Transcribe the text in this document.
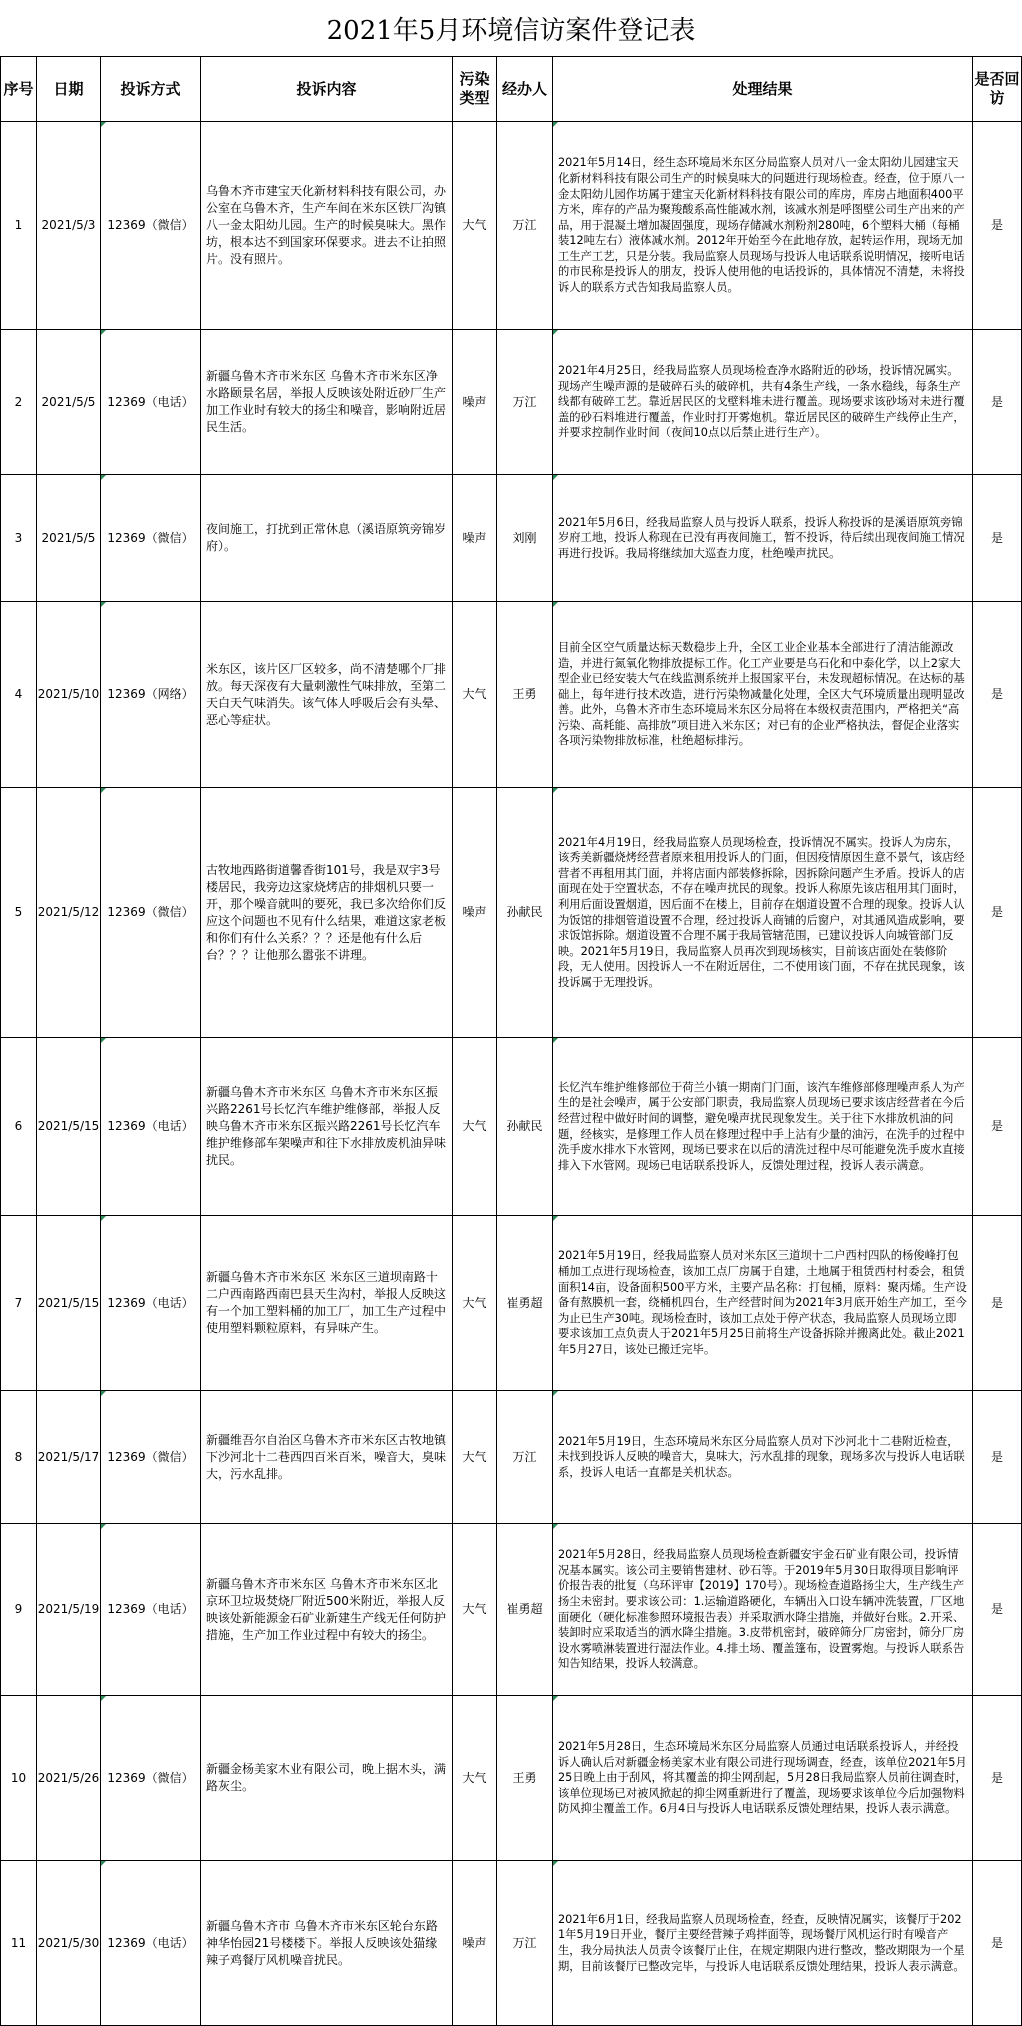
2021年5月环境信访案件登记表
序号	日期	投诉方式	投诉内容	污染类型	经办人	处理结果	是否回访
1	2021/5/3	12369（微信）	乌鲁木齐市建宝天化新材料科技有限公司，办公室在乌鲁木齐，生产车间在米东区铁厂沟镇 八一金太阳幼儿园。生产的时候臭味大。黑作坊，根本达不到国家环保要求。进去不让拍照片。没有照片。	大气	万江	2021年5月14日，经生态环境局米东区分局监察人员对八一金太阳幼儿园建宝天化新材料科技有限公司生产的时候臭味大的问题进行现场检查。经查，位于原八一金太阳幼儿园作坊属于建宝天化新材料科技有限公司的库房，库房占地面积400平方米，库存的产品为聚羧酸系高性能减水剂，该减水剂是呼图壁公司生产出来的产品，用于混凝土增加凝固强度，现场存储减水剂粉剂280吨，6个塑料大桶（每桶装12吨左右）液体减水剂。2012年开始至今在此地存放，起转运作用，现场无加工生产工艺，只是分装。我局监察人员现场与投诉人电话联系说明情况，接听电话的市民称是投诉人的朋友，投诉人使用他的电话投诉的，具体情况不清楚，未将投诉人的联系方式告知我局监察人员。	是
2	2021/5/5	12369（电话）	新疆乌鲁木齐市米东区 乌鲁木齐市米东区净水路颐景名居，举报人反映该处附近砂厂生产加工作业时有较大的扬尘和噪音，影响附近居民生活。	噪声	万江	2021年4月25日，经我局监察人员现场检查净水路附近的砂场，投诉情况属实。现场产生噪声源的是破碎石头的破碎机，共有4条生产线，一条水稳线，每条生产线都有破碎工艺。靠近居民区的戈壁料堆未进行覆盖。现场要求该砂场对未进行覆盖的砂石料堆进行覆盖，作业时打开雾炮机。靠近居民区的破碎生产线停止生产，并要求控制作业时间（夜间10点以后禁止进行生产）。	是
3	2021/5/5	12369（微信）	夜间施工，打扰到正常休息（溪语原筑旁锦岁府）。	噪声	刘刚	2021年5月6日，经我局监察人员与投诉人联系，投诉人称投诉的是溪语原筑旁锦岁府工地，投诉人称现在已没有再夜间施工，暂不投诉，待后续出现夜间施工情况再进行投诉。我局将继续加大巡查力度，杜绝噪声扰民。	是
4	2021/5/10	12369（网络）	米东区，该片区厂区较多，尚不清楚哪个厂排放。每天深夜有大量刺激性气味排放，至第二天白天气味消失。该气体人呼吸后会有头晕、恶心等症状。	大气	王勇	目前全区空气质量达标天数稳步上升，全区工业企业基本全部进行了清洁能源改造，并进行氮氧化物排放提标工作。化工产业要是乌石化和中泰化学，以上2家大型企业已经安装大气在线监测系统并上报国家平台，未发现超标情况。在达标的基础上，每年进行技术改造，进行污染物减量化处理，全区大气环境质量出现明显改善。此外，乌鲁木齐市生态环境局米东区分局将在本级权责范围内，严格把关“高污染、高耗能、高排放”项目进入米东区；对已有的企业严格执法，督促企业落实各项污染物排放标准，杜绝超标排污。	是
5	2021/5/12	12369（微信）	古牧地西路街道馨香街101号，我是双宇3号楼居民，我旁边这家烧烤店的排烟机只要一开，那个噪音就叫的要死，我已多次给你们反应这个问题也不见有什么结果，难道这家老板和你们有什么关系？？？还是他有什么后台？？？让他那么嚣张不讲理。	噪声	孙献民	2021年4月19日，经我局监察人员现场检查，投诉情况不属实。投诉人为房东，该秀美新疆烧烤经营者原来租用投诉人的门面，但因疫情原因生意不景气，该店经营者不再租用其门面，并将店面内部装修拆除，因拆除问题产生矛盾。投诉人的店面现在处于空置状态，不存在噪声扰民的现象。投诉人称原先该店租用其门面时，利用后面设置烟道，因后面不在楼上，目前存在烟道设置不合理的现象。投诉人认为饭馆的排烟管道设置不合理，经过投诉人商铺的后窗户，对其通风造成影响，要求饭馆拆除。烟道设置不合理不属于我局管辖范围，已建议投诉人向城管部门反映。2021年5月19日，我局监察人员再次到现场核实，目前该店面处在装修阶段，无人使用。因投诉人一不在附近居住，二不使用该门面，不存在扰民现象，该投诉属于无理投诉。	是
6	2021/5/15	12369（电话）	新疆乌鲁木齐市米东区 乌鲁木齐市米东区振兴路2261号长忆汽车维护维修部，举报人反映乌鲁木齐市米东区振兴路2261号长忆汽车维护维修部车架噪声和往下水排放废机油异味扰民。	大气	孙献民	长忆汽车维护维修部位于荷兰小镇一期南门门面，该汽车维修部修理噪声系人为产生的是社会噪声，属于公安部门职责，我局监察人员现场已要求该店经营者在今后经营过程中做好时间的调整，避免噪声扰民现象发生。关于往下水排放机油的问题，经核实，是修理工作人员在修理过程中手上沾有少量的油污，在洗手的过程中洗手废水排水下水管网，现场已要求在以后的清洗过程中尽可能避免洗手废水直接排入下水管网。现场已电话联系投诉人，反馈处理过程，投诉人表示满意。	是
7	2021/5/15	12369（电话）	新疆乌鲁木齐市米东区 米东区三道坝南路十二户西南路西南巴县天生沟村，举报人反映这有一个加工塑料桶的加工厂，加工生产过程中使用塑料颗粒原料，有异味产生。	大气	崔勇超	2021年5月19日，经我局监察人员对米东区三道坝十二户西村四队的杨俊峰打包桶加工点进行现场检查，该加工点厂房属于自建，土地属于租赁西村村委会，租赁面积14亩，设备面积500平方米，主要产品名称：打包桶，原料：聚丙烯。生产设备有熬膜机一套，绕桶机四台，生产经营时间为2021年3月底开始生产加工，至今为止已生产30吨。现场检查时，该加工点处于停产状态，我局监察人员现场立即要求该加工点负责人于2021年5月25日前将生产设备拆除并搬离此处。截止2021年5月27日，该处已搬迁完毕。	是
8	2021/5/17	12369（微信）	新疆维吾尔自治区乌鲁木齐市米东区古牧地镇下沙河北十二巷西四百米百米，噪音大，臭味大，污水乱排。	大气	万江	2021年5月19日，生态环境局米东区分局监察人员对下沙河北十二巷附近检查，未找到投诉人反映的噪音大，臭味大，污水乱排的现象，现场多次与投诉人电话联系，投诉人电话一直都是关机状态。	是
9	2021/5/19	12369（电话）	新疆乌鲁木齐市米东区 乌鲁木齐市米东区北京环卫垃圾焚烧厂附近500米附近，举报人反映该处新能源金石矿业新建生产线无任何防护措施，生产加工作业过程中有较大的扬尘。	大气	崔勇超	2021年5月28日，经我局监察人员现场检查新疆安宇金石矿业有限公司，投诉情况基本属实。该公司主要销售建材、砂石等。于2019年5月30日取得项目影响评价报告表的批复（乌环评审【2019】170号）。现场检查道路扬尘大，生产线生产扬尘未密封。要求该公司：1.运输道路硬化，车辆出入口设车辆冲洗装置，厂区地面硬化（硬化标准参照环境报告表）并采取洒水降尘措施，并做好台账。2.开采、装卸时应采取适当的洒水降尘措施。3.皮带机密封，破碎筛分厂房密封，筛分厂房设水雾喷淋装置进行湿法作业。4.排土场、覆盖篷布，设置雾炮。与投诉人联系告知告知结果，投诉人较满意。	是
10	2021/5/26	12369（微信）	新疆金杨美家木业有限公司，晚上据木头，满路灰尘。	大气	王勇	2021年5月28日，生态环境局米东区分局监察人员通过电话联系投诉人，并经投诉人确认后对新疆金杨美家木业有限公司进行现场调查，经查，该单位2021年5月25日晚上由于刮风，将其覆盖的抑尘网刮起，5月28日我局监察人员前往调查时，该单位现场已对被风掀起的抑尘网重新进行了覆盖，现场要求该单位今后加强物料防风抑尘覆盖工作。6月4日与投诉人电话联系反馈处理结果，投诉人表示满意。	是
11	2021/5/30	12369（电话）	新疆乌鲁木齐市 乌鲁木齐市米东区轮台东路神华怡园21号楼楼下。举报人反映该处猫缘辣子鸡餐厅风机噪音扰民。	噪声	万江	2021年6月1日，经我局监察人员现场检查，经查，反映情况属实，该餐厅于2021年5月19日开业，餐厅主要经营辣子鸡拌面等，现场餐厅风机运行时有噪音产生，我分局执法人员责令该餐厅止住，在规定期限内进行整改，整改期限为一个星期，目前该餐厅已整改完毕，与投诉人电话联系反馈处理结果，投诉人表示满意。	是
